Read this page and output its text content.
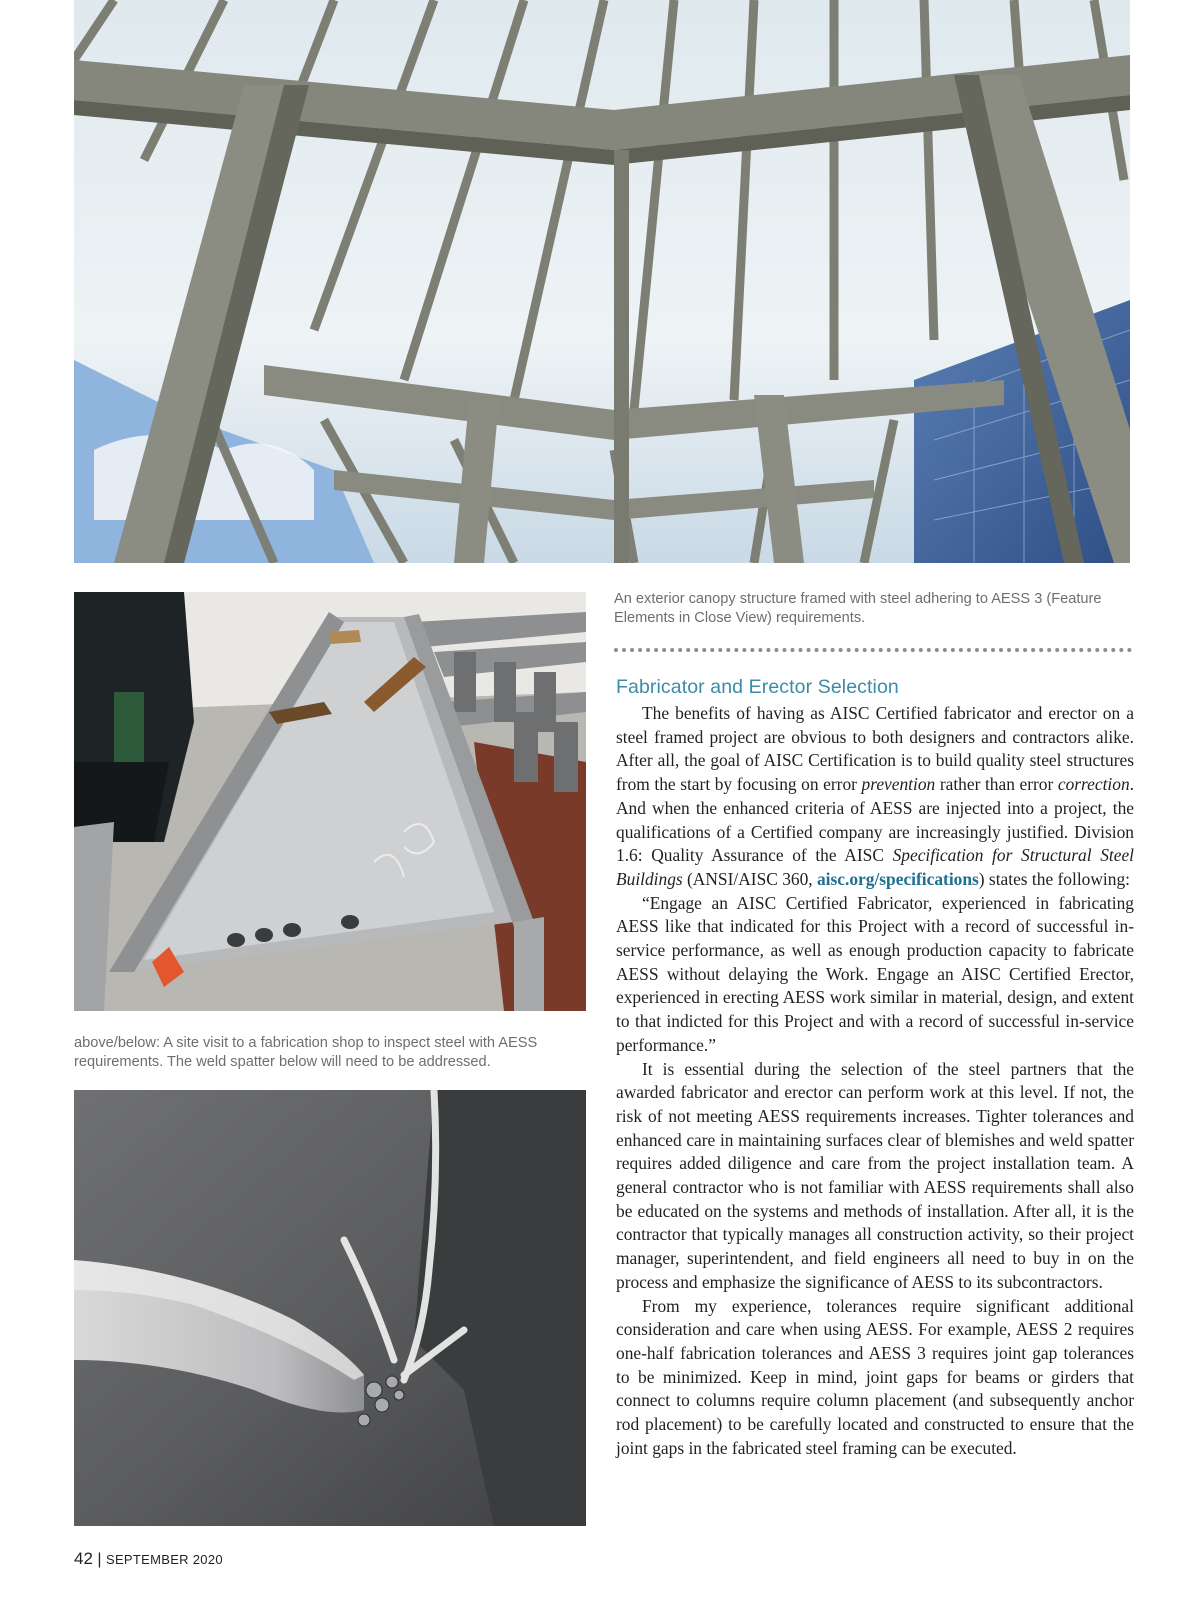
An exterior canopy structure framed with steel adhering to AESS 3 (Feature Elements in Close View) requirements.

above/below: A site visit to a fabrication shop to inspect steel with AESS requirements. The weld spatter below will need to be addressed.

Fabricator and Erector Selection

The benefits of having as AISC Certified fabricator and erector on a steel framed project are obvious to both designers and contractors alike. After all, the goal of AISC Certification is to build quality steel structures from the start by focusing on error prevention rather than error correction. And when the enhanced criteria of AESS are injected into a project, the qualifications of a Certified company are increasingly justified. Division 1.6: Quality Assurance of the AISC Specification for Structural Steel Buildings (ANSI/AISC 360, aisc.org/specifications) states the following:

“Engage an AISC Certified Fabricator, experienced in fabricating AESS like that indicated for this Project with a record of successful in-service performance, as well as enough production capacity to fabricate AESS without delaying the Work. Engage an AISC Certified Erector, experienced in erecting AESS work similar in material, design, and extent to that indicted for this Project and with a record of successful in-service performance.”

It is essential during the selection of the steel partners that the awarded fabricator and erector can perform work at this level. If not, the risk of not meeting AESS requirements increases. Tighter tolerances and enhanced care in maintaining surfaces clear of blemishes and weld spatter requires added diligence and care from the project installation team. A general contractor who is not familiar with AESS requirements shall also be educated on the systems and methods of installation. After all, it is the contractor that typically manages all construction activity, so their project manager, superintendent, and field engineers all need to buy in on the process and emphasize the significance of AESS to its subcontractors.

From my experience, tolerances require significant additional consideration and care when using AESS. For example, AESS 2 requires one-half fabrication tolerances and AESS 3 requires joint gap tolerances to be minimized. Keep in mind, joint gaps for beams or girders that connect to columns require column placement (and subsequently anchor rod placement) to be carefully located and constructed to ensure that the joint gaps in the fabricated steel framing can be executed.

42 | SEPTEMBER 2020
